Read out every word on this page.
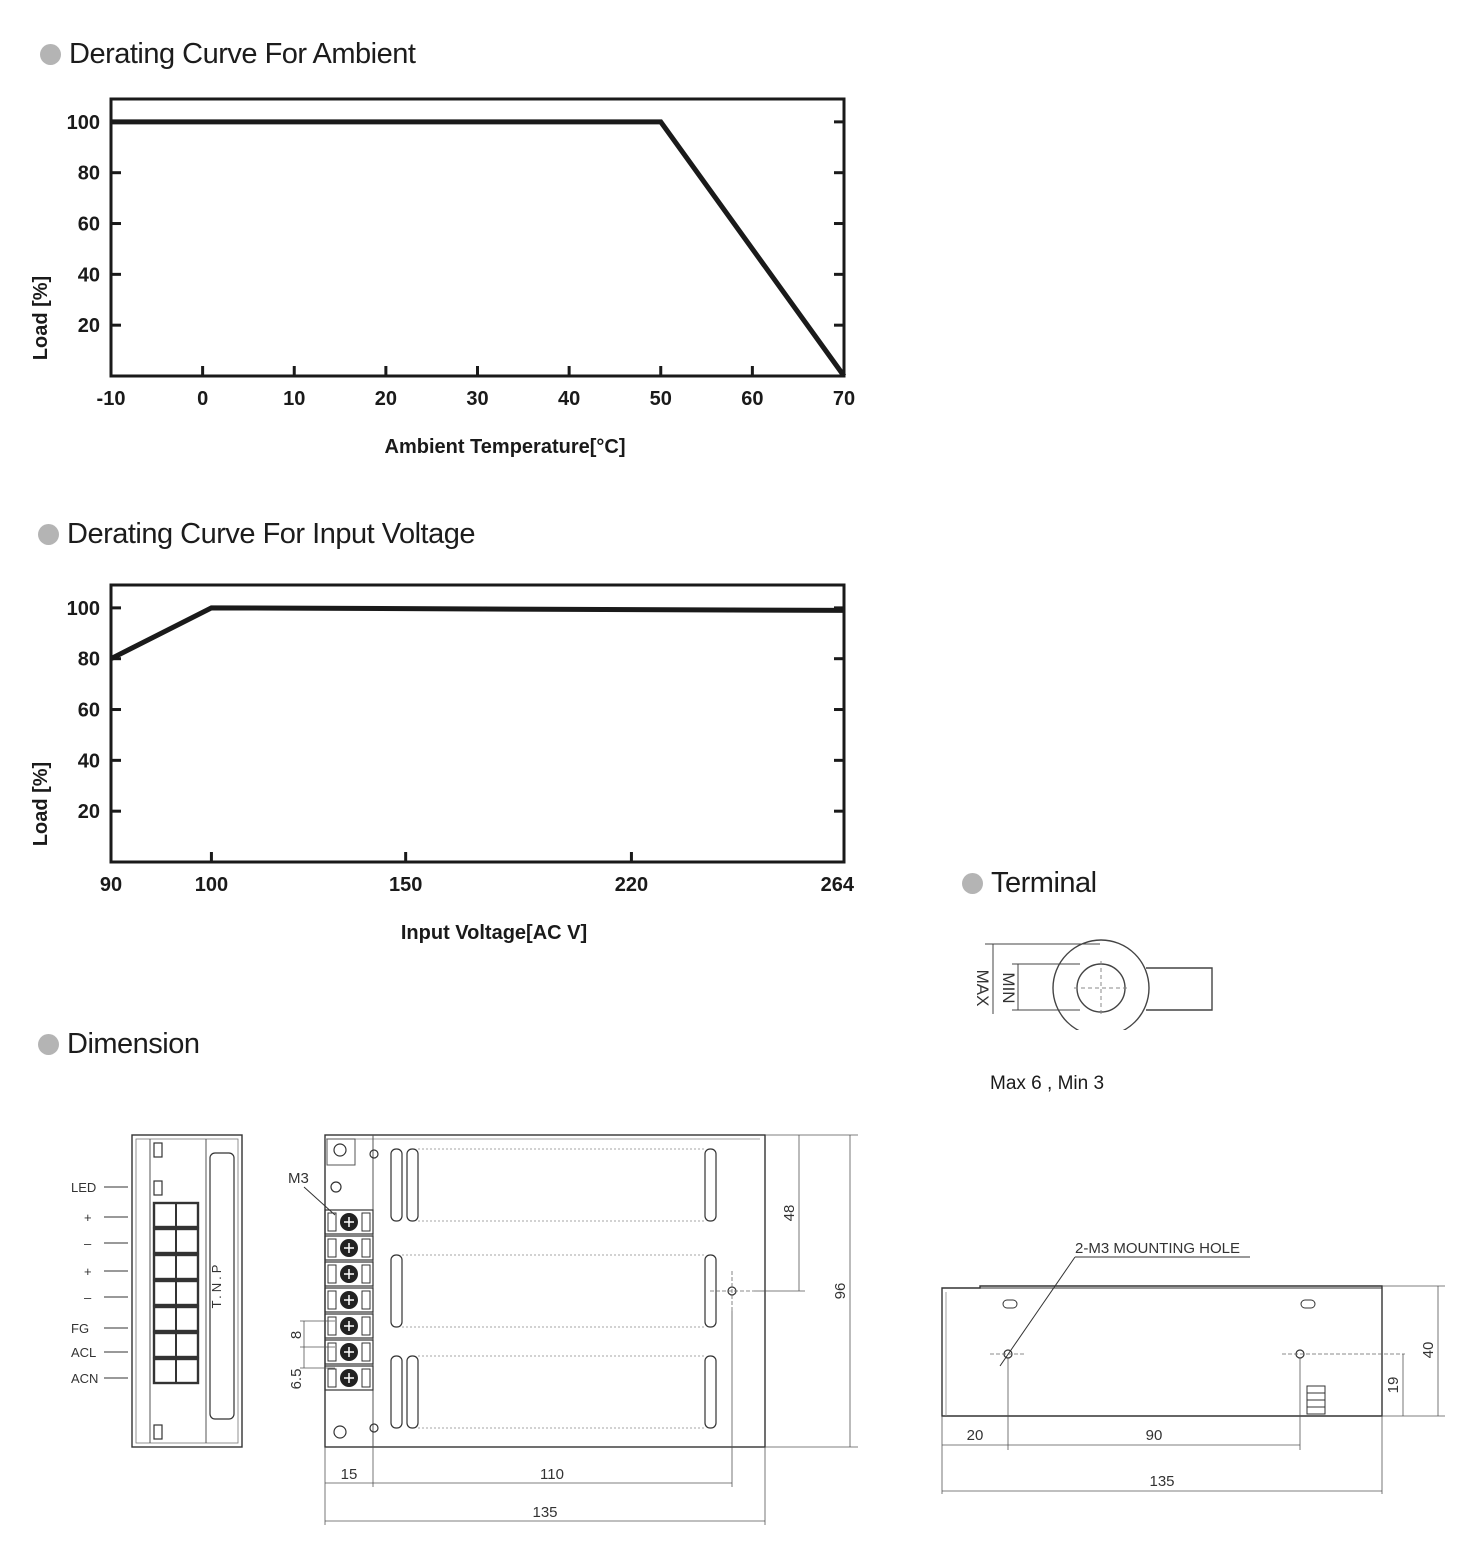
Derating Curve For Ambient
Derating Curve For Input Voltage
Dimension
Terminal
-10	0	10	20	30	40	50	60	70
100
80
60
40
20
Ambient Temperature[°C]
Load [%]
90	100	150	220	264
100
80
60
40
20
Input Voltage[AC V]
Load [%]
MAX MIN
Max 6 , Min 3
T.N.P
LED
+
–
+
–
FG
ACL
ACN
M3
48
96
8
6.5
15	110
135
2-M3 MOUNTING HOLE
40
19
20	90
135
